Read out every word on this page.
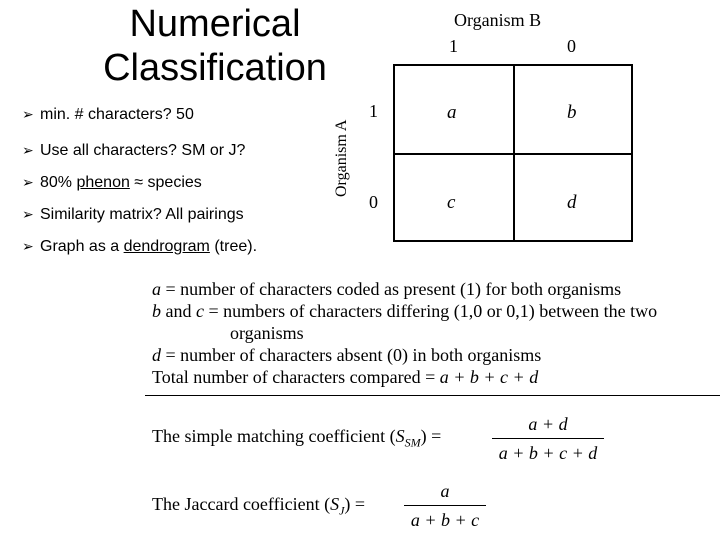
Numerical Classification
➢ min. # characters? 50
➢ Use all characters? SM or J?
➢ 80% phenon ≈ species
➢ Similarity matrix? All pairings
➢ Graph as a dendrogram (tree).
Organism B
1	0
Organism A
1
0
a	b
c	d
a = number of characters coded as present (1) for both organisms
b and c = numbers of characters differing (1,0 or 0,1) between the two
organisms
d = number of characters absent (0) in both organisms
Total number of characters compared = a + b + c + d
The simple matching coefficient $(S_{SM})$ =
a + d
a + b + c + d
The Jaccard coefficient $(S_J)$ =
a
a + b + c
